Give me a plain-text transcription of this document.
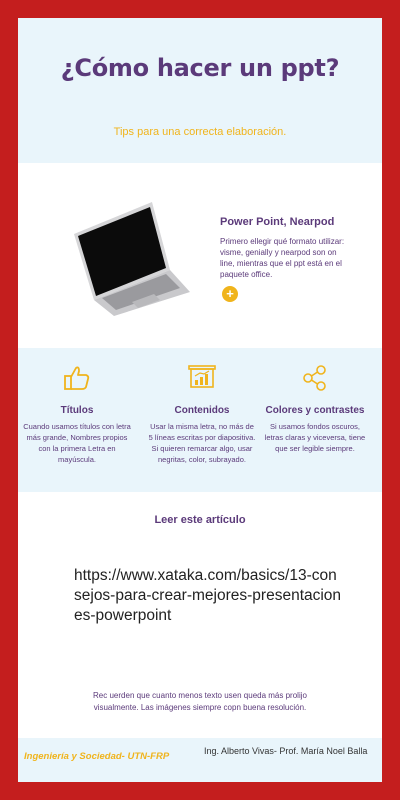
¿Cómo hacer un ppt?
Tips para una correcta elaboración.
Power Point, Nearpod
Primero ellegir qué formato utilizar: visme, genially y nearpod son on line, mientras que el ppt está en el paquete office.
+
Títulos
Cuando usamos títulos con letra más grande, Nombres propios con la primera Letra en mayúscula.
Contenidos
Usar la misma letra, no más de 5 líneas escritas por diapositiva. Si quieren remarcar algo, usar negritas, color, subrayado.
Colores y contrastes
Si usamos fondos oscuros, letras claras y viceversa, tiene que ser legible siempre.
Leer este artículo
https://www.xataka.com/basics/13-consejos-para-crear-mejores-presentaciones-powerpoint
Rec uerden que cuanto menos texto usen queda más prolijo visualmente. Las imágenes siempre copn buena resolución.
Ingeniería y Sociedad- UTN-FRP	Ing. Alberto Vivas- Prof. María Noel Balla
